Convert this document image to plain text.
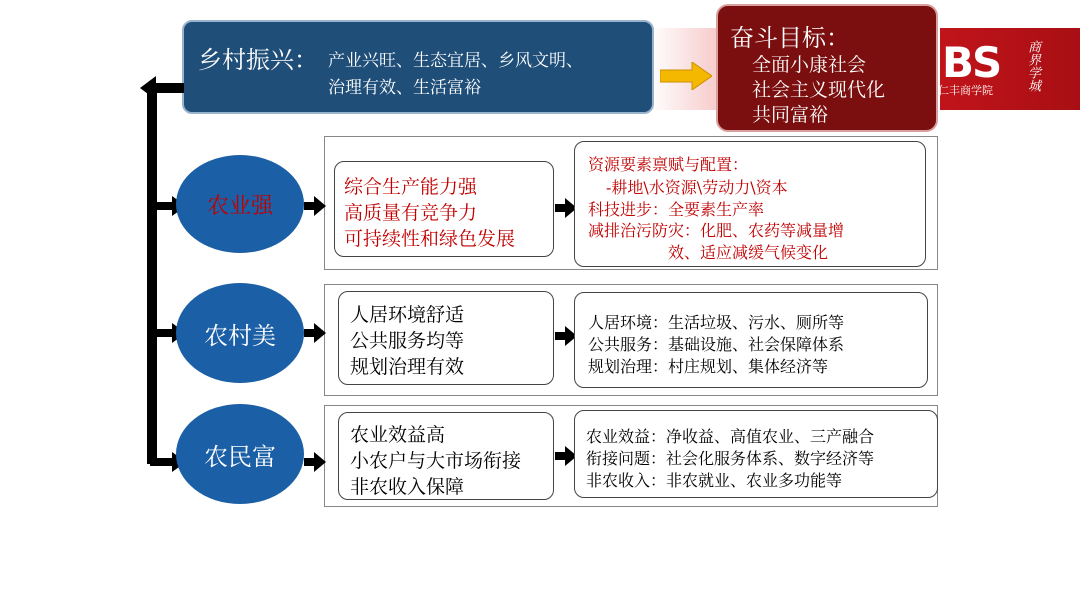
BS
仁丰商学院	商界学城
乡村振兴： 产业兴旺、生态宜居、乡风文明、
治理有效、生活富裕
奋斗目标：
全面小康社会
社会主义现代化
共同富裕
农业强
综合生产能力强
高质量有竞争力
可持续性和绿色发展
资源要素禀赋与配置：
-耕地\水资源\劳动力\资本
科技进步：全要素生产率
减排治污防灾：化肥、农药等减量增
效、适应减缓气候变化
农村美
人居环境舒适
公共服务均等
规划治理有效
人居环境：生活垃圾、污水、厕所等
公共服务：基础设施、社会保障体系
规划治理：村庄规划、集体经济等
农民富
农业效益高
小农户与大市场衔接
非农收入保障
农业效益：净收益、高值农业、三产融合
衔接问题：社会化服务体系、数字经济等
非农收入：非农就业、农业多功能等
